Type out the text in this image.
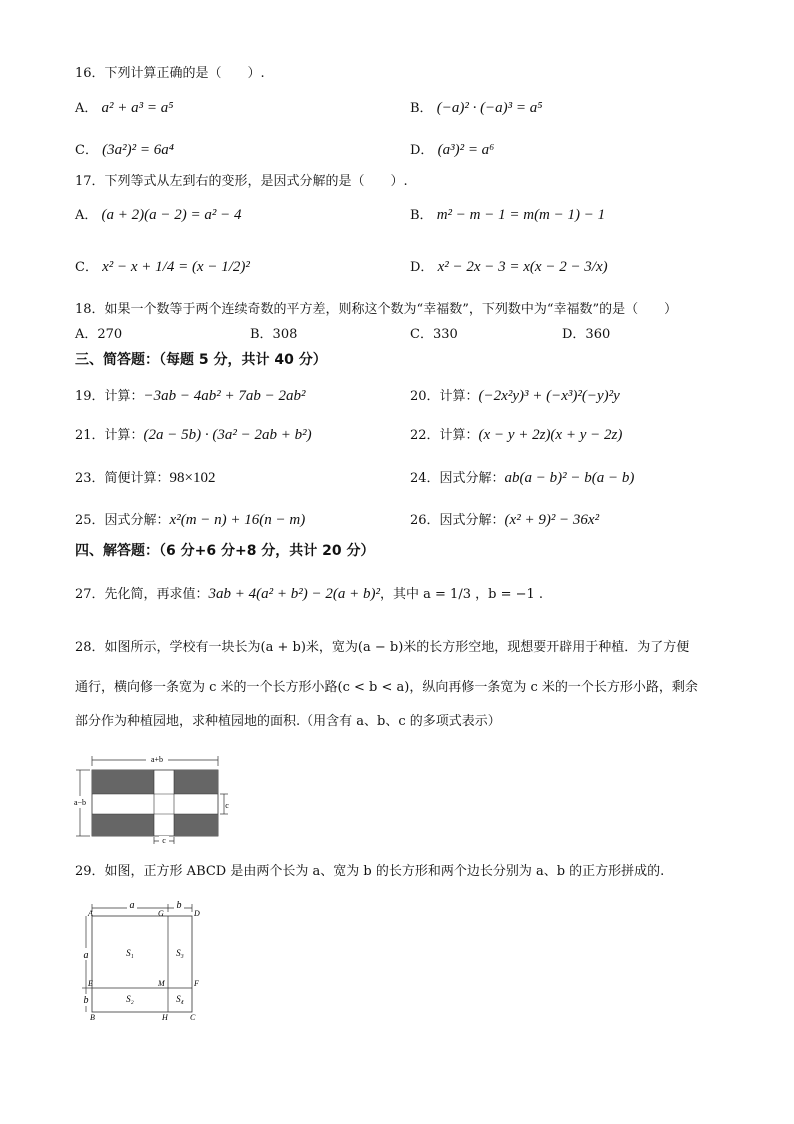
16．下列计算正确的是（　　）.
A． a² + a³ = a⁵	B． (−a)² · (−a)³ = a⁵
C． (3a²)² = 6a⁴	D． (a³)² = a⁶
17．下列等式从左到右的变形，是因式分解的是（　　）.
A． (a + 2)(a − 2) = a² − 4	B． m² − m − 1 = m(m − 1) − 1
C． x² − x + 1/4 = (x − 1/2)²	D． x² − 2x − 3 = x(x − 2 − 3/x)
18．如果一个数等于两个连续奇数的平方差，则称这个数为“幸福数”，下列数中为“幸福数”的是（　　）
A．270	B．308	C．330	D．360
三、简答题：（每题 5 分，共计 40 分）
19．计算：−3ab − 4ab² + 7ab − 2ab²	20．计算：(−2x²y)³ + (−x³)²(−y)²y
21．计算：(2a − 5b) · (3a² − 2ab + b²)	22．计算：(x − y + 2z)(x + y − 2z)
23．简便计算：98×102	24．因式分解：ab(a − b)² − b(a − b)
25．因式分解：x²(m − n) + 16(n − m)	26．因式分解：(x² + 9)² − 36x²
四、解答题：（6 分+6 分+8 分，共计 20 分）
27．先化简，再求值：3ab + 4(a² + b²) − 2(a + b)²，其中 a = 1/3 ，b = −1 .
28．如图所示，学校有一块长为(a + b)米，宽为(a − b)米的长方形空地，现想要开辟用于种植．为了方便
通行，横向修一条宽为 c 米的一个长方形小路(c < b < a)，纵向再修一条宽为 c 米的一个长方形小路，剩余
部分作为种植园地，求种植园地的面积.（用含有 a、b、c 的多项式表示）
a+b
a−b	c
c
29．如图，正方形 ABCD 是由两个长为 a、宽为 b 的长方形和两个边长分别为 a、b 的正方形拼成的.
a	b
a
b
A	G	D
E	M	F
B	H	C
S₁
S₂
S₃
S₄
